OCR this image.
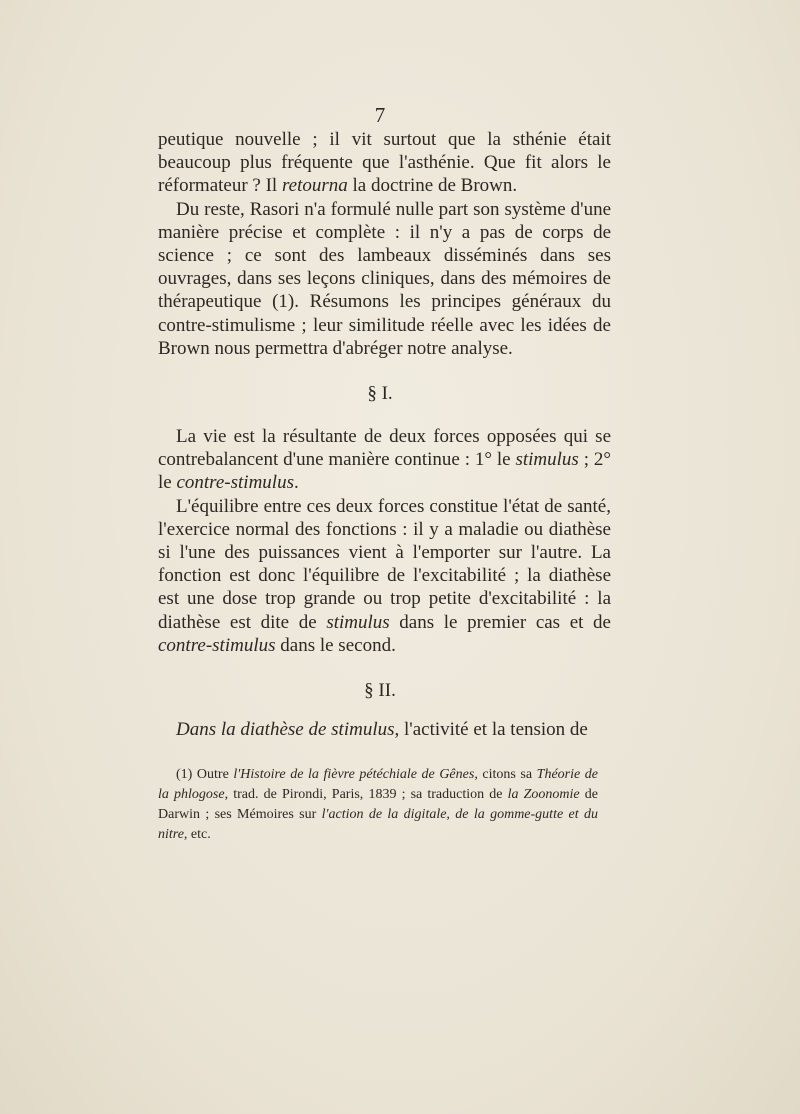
7

peutique nouvelle ; il vit surtout que la sthénie était beaucoup plus fréquente que l'asthénie. Que fit alors le réformateur ? Il retourna la doctrine de Brown.

Du reste, Rasori n'a formulé nulle part son système d'une manière précise et complète : il n'y a pas de corps de science ; ce sont des lambeaux disséminés dans ses ouvrages, dans ses leçons cliniques, dans des mémoires de thérapeutique (1). Résumons les principes généraux du contre-stimulisme ; leur similitude réelle avec les idées de Brown nous permettra d'abréger notre analyse.

§ I.

La vie est la résultante de deux forces opposées qui se contrebalancent d'une manière continue : 1° le stimulus ; 2° le contre-stimulus.

L'équilibre entre ces deux forces constitue l'état de santé, l'exercice normal des fonctions : il y a maladie ou diathèse si l'une des puissances vient à l'emporter sur l'autre. La fonction est donc l'équilibre de l'excitabilité ; la diathèse est une dose trop grande ou trop petite d'excitabilité : la diathèse est dite de stimulus dans le premier cas et de contre-stimulus dans le second.

§ II.

Dans la diathèse de stimulus, l'activité et la tension de

(1) Outre l'Histoire de la fièvre pétéchiale de Gênes, citons sa Théorie de la phlogose, trad. de Pirondi, Paris, 1839 ; sa traduction de la Zoonomie de Darwin ; ses Mémoires sur l'action de la digitale, de la gomme-gutte et du nitre, etc.
